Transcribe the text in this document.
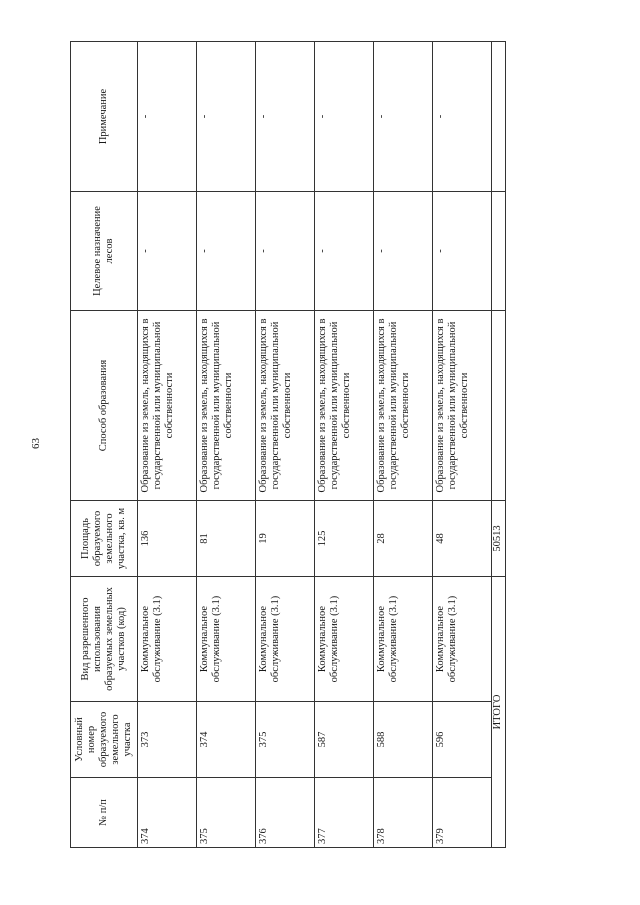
63
№ п/п	Условный номер образуемого земельного участка	Вид разрешенного использования образуемых земельных участков (код)	Площадь образуемого земельного участка, кв. м	Способ образования	Целевое назначение лесов	Примечание
374	373	Коммунальное обслуживание (3.1)	136	Образование из земель, находящихся в государственной или муниципальной собственности	-	-
375	374	Коммунальное обслуживание (3.1)	81	Образование из земель, находящихся в государственной или муниципальной собственности	-	-
376	375	Коммунальное обслуживание (3.1)	19	Образование из земель, находящихся в государственной или муниципальной собственности	-	-
377	587	Коммунальное обслуживание (3.1)	125	Образование из земель, находящихся в государственной или муниципальной собственности	-	-
378	588	Коммунальное обслуживание (3.1)	28	Образование из земель, находящихся в государственной или муниципальной собственности	-	-
379	596	Коммунальное обслуживание (3.1)	48	Образование из земель, находящихся в государственной или муниципальной собственности	-	-
ИТОГО			50513			
